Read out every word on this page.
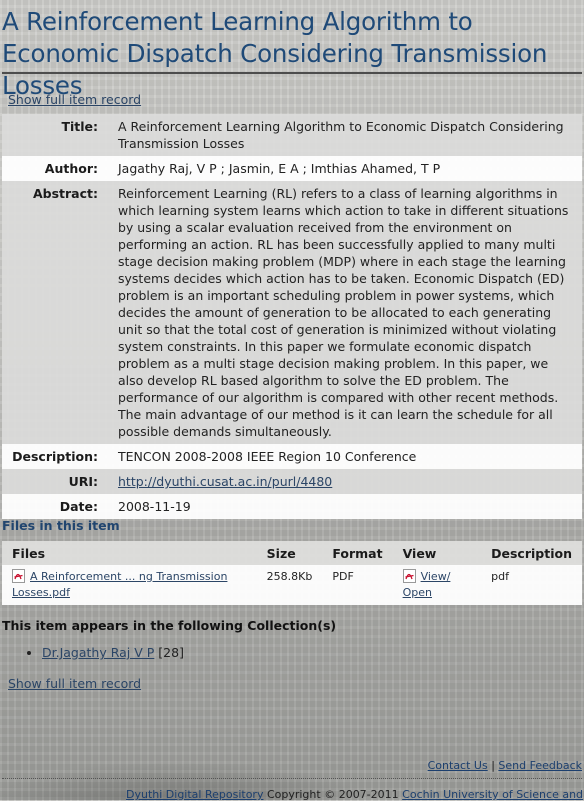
A Reinforcement Learning Algorithm to Economic Dispatch Considering Transmission Losses
Show full item record
Title:	A Reinforcement Learning Algorithm to Economic Dispatch Considering Transmission Losses
Author:	Jagathy Raj, V P ; Jasmin, E A ; Imthias Ahamed, T P
Abstract:	Reinforcement Learning (RL) refers to a class of learning algorithms in which learning system learns which action to take in different situations by using a scalar evaluation received from the environment on performing an action. RL has been successfully applied to many multi stage decision making problem (MDP) where in each stage the learning systems decides which action has to be taken. Economic Dispatch (ED) problem is an important scheduling problem in power systems, which decides the amount of generation to be allocated to each generating unit so that the total cost of generation is minimized without violating system constraints. In this paper we formulate economic dispatch problem as a multi stage decision making problem. In this paper, we also develop RL based algorithm to solve the ED problem. The performance of our algorithm is compared with other recent methods. The main advantage of our method is it can learn the schedule for all possible demands simultaneously.

Description:	TENCON 2008-2008 IEEE Region 10 Conference
URI:	http://dyuthi.cusat.ac.in/purl/4480
Date:	2008-11-19
Files in this item
Files	Size	Format	View	Description
A Reinforcement ... ng Transmission Losses.pdf	258.8Kb	PDF	View/ Open	pdf
This item appears in the following Collection(s)
• Dr.Jagathy Raj V P [28]
Show full item record
Contact Us | Send Feedback
Dyuthi Digital Repository Copyright © 2007-2011 Cochin University of Science and
